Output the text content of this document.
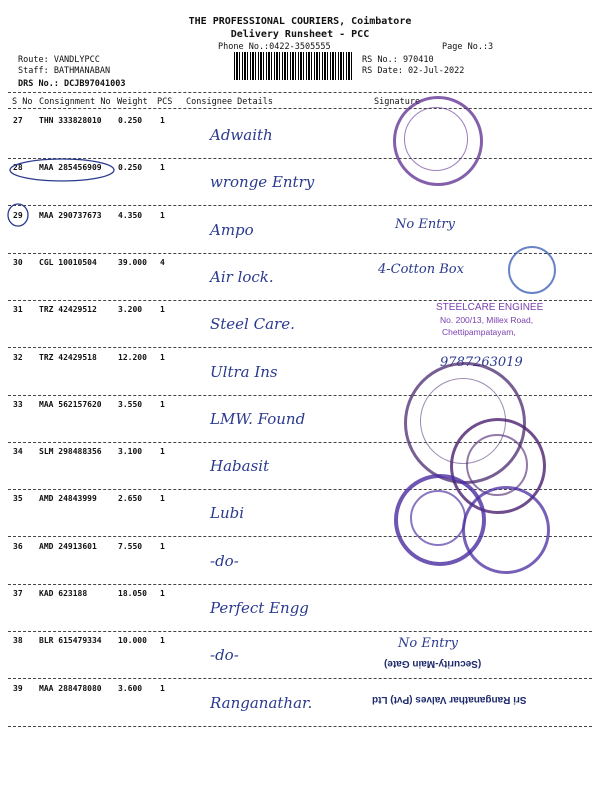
THE PROFESSIONAL COURIERS, Coimbatore
Delivery Runsheet - PCC
Phone No.:0422-3505555	Page No.:3
Route: VANDLYPCC
Staff: BATHMANABAN
DRS No.: DCJB97041003
RS No.: 970410
RS Date: 02-Jul-2022
S No Consignment No Weight PCS Consignee Details	Signature
27 THN 333828010 0.250 1
Adwaith
28 MAA 285456909 0.250 1
wronge Entry
29 MAA 290737673 4.350 1
Ampo	No Entry
30 CGL 10010504	39.000 4
Air lock.	4-Cotton Box
31 TRZ 42429512	3.200 1
Steel Care.
32 TRZ 42429518	12.200 1
Ultra Ins
9787263019
33 MAA 562157620 3.550 1
LMW. Found
34 SLM 298488356 3.100 1
Habasit
35 AMD 24843999	2.650 1
Lubi
36 AMD 24913601	7.550 1
-do-
37 KAD 623188	18.050 1
Perfect Engg
38 BLR 615479334 10.000 1
-do-
No Entry
39 MAA 288478080 3.600 1
Ranganathar.
STEELCARE ENGINEE
No. 200/13, Millex Road,
Chettipampatayam,
(Security-Main Gate)
Sri Ranganathar Valves (Pvt) Ltd
